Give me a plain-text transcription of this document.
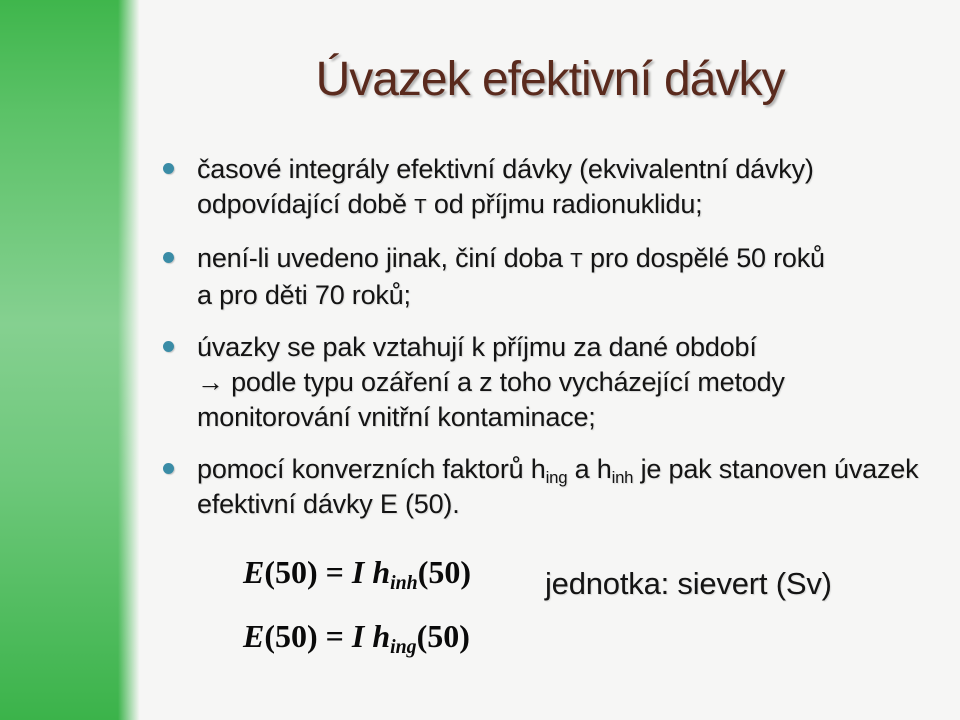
Úvazek efektivní dávky
časové integrály efektivní dávky (ekvivalentní dávky)
odpovídající době T od příjmu radionuklidu;
není-li uvedeno jinak, činí doba T pro dospělé 50 roků
a pro děti 70 roků;
úvazky se pak vztahují k příjmu za dané období
→ podle typu ozáření a z toho vycházející metody
monitorování vnitřní kontaminace;
pomocí konverzních faktorů $h_{ing}$ a $h_{inh}$ je pak stanoven úvazek
efektivní dávky E (50).
E(50) = I hinh(50)
E(50) = I hing(50)
jednotka: sievert (Sv)
